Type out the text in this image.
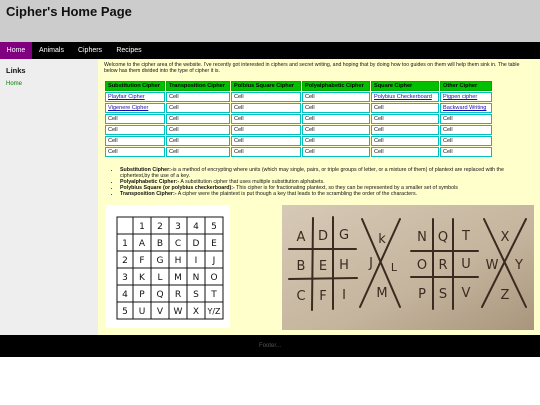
Cipher's Home Page
Home	Animals	Ciphers	Recipes
Links
Home

Welcome to the cipher area of the website. I've recently got interested in ciphers and secret writing, and hoping that by doing how too guides on them will help them sink in. The table below has them divided into the type of cipher it is.

Substitution Cipher	Transposition Cipher	Polbius Square Cipher	Polyalphabetic Cipher	Square Cipher	Other Cipher
Playfair Cipher	Cell	Cell	Cell	Polybius Checkerboard	Pigpen cipher
Vigenere Cipher	Cell	Cell	Cell	Cell	Backward Writing
Cell	Cell	Cell	Cell	Cell	Cell
Cell	Cell	Cell	Cell	Cell	Cell
Cell	Cell	Cell	Cell	Cell	Cell
Cell	Cell	Cell	Cell	Cell	Cell
• Substitution Cipher:-is a method of encrypting where units (which may single, pairs, or triple groups of letter, or a mixture of them) of plantext are replaced with the ciphertext,by the use of a key.
• Polyalphabetic Cipher:- A substitution cipher that uses multiple substitution alphabets.
• Polybius Square (or polybius checkerboard):- This cipher is for fractionating plantext, so they can be represented by a smaller set of symbols
• Transposition Cipher:- A cipher were the plaintext is put though a key that leads to the scrambling the order of the characters.
1 2 3 4 5
1 A B C D E
2 F G H I J
3 K L M N O
4 P Q R S T
5 U V W X Y/Z
A D G
B E H
C F I
k
J L
M
N Q T
O R U
P S V
X
W Y
Z
Footer...
